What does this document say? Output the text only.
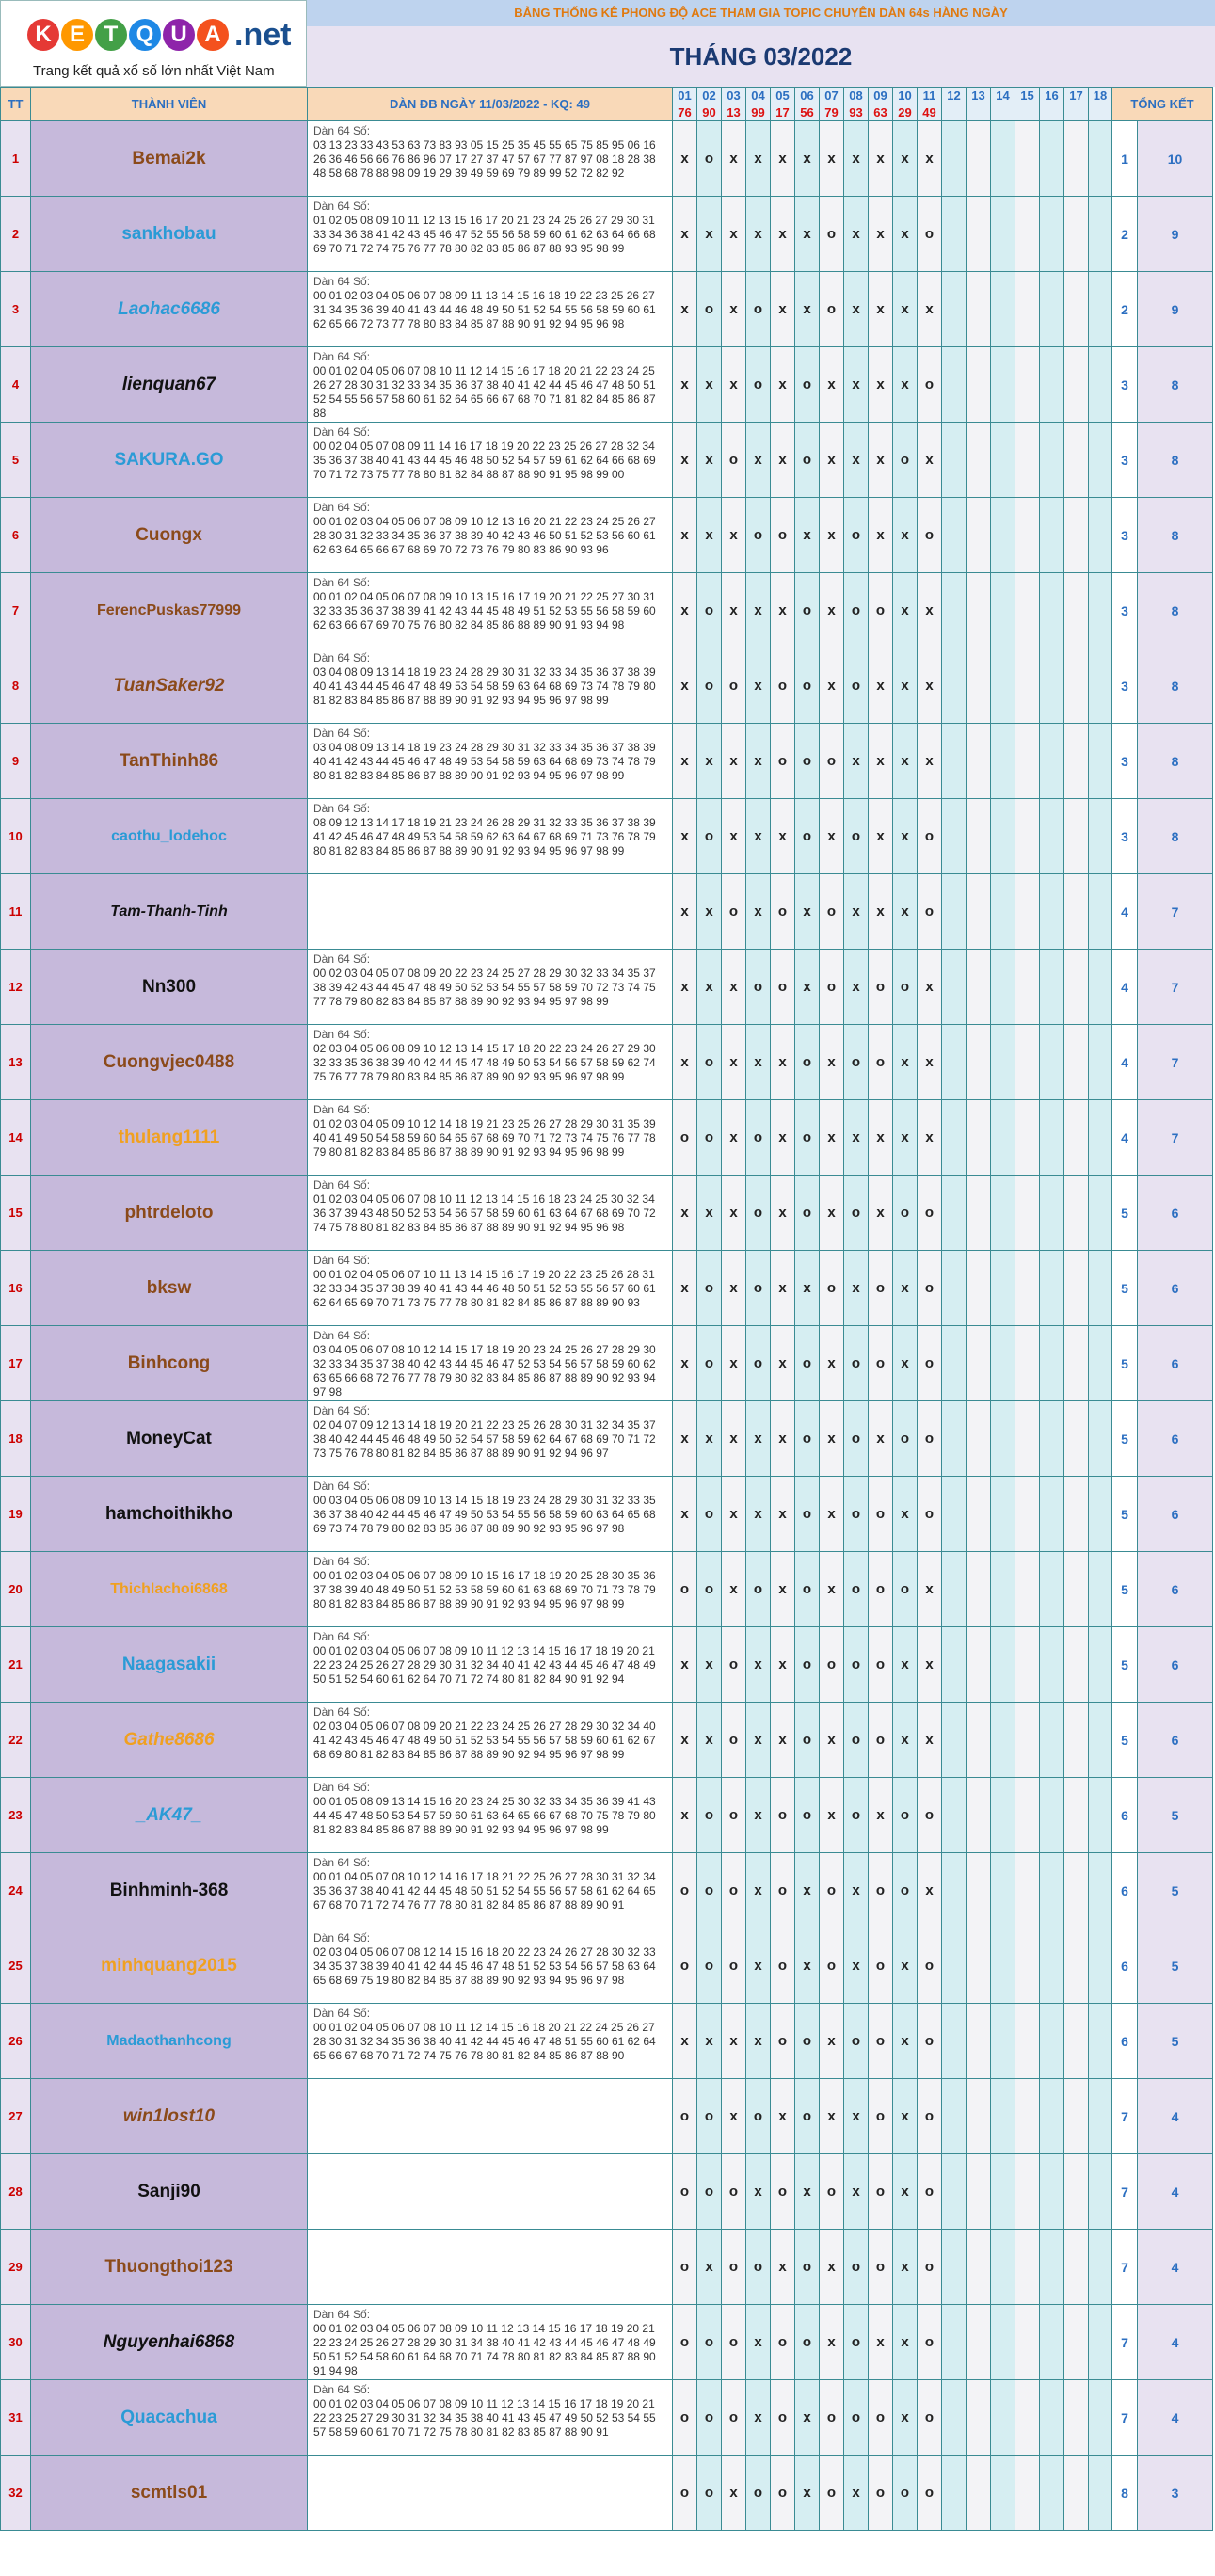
K E T Q U A .net
Trang kết quả xổ số lớn nhất Việt Nam
BẢNG THỐNG KÊ PHONG ĐỘ ACE THAM GIA TOPIC CHUYÊN DÀN 64s HÀNG NGÀY
THÁNG 03/2022
TT	THÀNH VIÊN	DÀN ĐB NGÀY 11/03/2022 - KQ: 49	01	02	03	04	05	06	07	08	09	10	11	12	13	14	15	16	17	18	TỔNG KẾT	
			76	90	13	99	17	56	79	93	63	29	49									
1	Bemai2k	Dàn 64 Số:
03 13 23 33 43 53 63 73 83 93 05 15 25 35 45 55 65 75 85 95 06 16 26 36 46 56 66 76 86 96 07 17 27 37 47 57 67 77 87 97 08 18 28 38 48 58 68 78 88 98 09 19 29 39 49 59 69 79 89 99 52 72 82 92	x	o	x	x	x	x	x	x	x	x	x								1	10
2	sankhobau	Dàn 64 Số:
01 02 05 08 09 10 11 12 13 15 16 17 20 21 23 24 25 26 27 29 30 31 33 34 36 38 41 42 43 45 46 47 52 55 56 58 59 60 61 62 63 64 66 68 69 70 71 72 74 75 76 77 78 80 82 83 85 86 87 88 93 95 98 99	x	x	x	x	x	x	o	x	x	x	o								2	9
3	Laohac6686	Dàn 64 Số:
00 01 02 03 04 05 06 07 08 09 11 13 14 15 16 18 19 22 23 25 26 27 31 34 35 36 39 40 41 43 44 46 48 49 50 51 52 54 55 56 58 59 60 61 62 65 66 72 73 77 78 80 83 84 85 87 88 90 91 92 94 95 96 98	x	o	x	o	x	x	o	x	x	x	x								2	9
4	lienquan67	Dàn 64 Số:
00 01 02 04 05 06 07 08 10 11 12 14 15 16 17 18 20 21 22 23 24 25 26 27 28 30 31 32 33 34 35 36 37 38 40 41 42 44 45 46 47 48 50 51 52 54 55 56 57 58 60 61 62 64 65 66 67 68 70 71 81 82 84 85 86 87 88	x	x	x	o	x	o	x	x	x	x	o								3	8
5	SAKURA.GO	Dàn 64 Số:
00 02 04 05 07 08 09 11 14 16 17 18 19 20 22 23 25 26 27 28 32 34 35 36 37 38 40 41 43 44 45 46 48 50 52 54 57 59 61 62 64 66 68 69 70 71 72 73 75 77 78 80 81 82 84 88 87 88 90 91 95 98 99 00	x	x	o	x	x	o	x	x	x	o	x								3	8
6	Cuongx	Dàn 64 Số:
00 01 02 03 04 05 06 07 08 09 10 12 13 16 20 21 22 23 24 25 26 27 28 30 31 32 33 34 35 36 37 38 39 40 42 43 46 50 51 52 53 56 60 61 62 63 64 65 66 67 68 69 70 72 73 76 79 80 83 86 90 93 96	x	x	x	o	o	x	x	o	x	x	o								3	8
7	FerencPuskas77999	Dàn 64 Số:
00 01 02 04 05 06 07 08 09 10 13 15 16 17 19 20 21 22 25 27 30 31 32 33 35 36 37 38 39 41 42 43 44 45 48 49 51 52 53 55 56 58 59 60 62 63 66 67 69 70 75 76 80 82 84 85 86 88 89 90 91 93 94 98	x	o	x	x	x	o	x	o	o	x	x								3	8
8	TuanSaker92	Dàn 64 Số:
03 04 08 09 13 14 18 19 23 24 28 29 30 31 32 33 34 35 36 37 38 39 40 41 43 44 45 46 47 48 49 53 54 58 59 63 64 68 69 73 74 78 79 80 81 82 83 84 85 86 87 88 89 90 91 92 93 94 95 96 97 98 99	x	o	o	x	o	o	x	o	x	x	x								3	8
9	TanThinh86	Dàn 64 Số:
03 04 08 09 13 14 18 19 23 24 28 29 30 31 32 33 34 35 36 37 38 39 40 41 42 43 44 45 46 47 48 49 53 54 58 59 63 64 68 69 73 74 78 79 80 81 82 83 84 85 86 87 88 89 90 91 92 93 94 95 96 97 98 99	x	x	x	x	o	o	o	x	x	x	x								3	8
10	caothu_lodehoc	Dàn 64 Số:
08 09 12 13 14 17 18 19 21 23 24 26 28 29 31 32 33 35 36 37 38 39 41 42 45 46 47 48 49 53 54 58 59 62 63 64 67 68 69 71 73 76 78 79 80 81 82 83 84 85 86 87 88 89 90 91 92 93 94 95 96 97 98 99	x	o	x	x	x	o	x	o	x	x	o								3	8
11	Tam-Thanh-Tinh		x	x	o	x	o	x	o	x	x	x	o								4	7
12	Nn300	Dàn 64 Số:
00 02 03 04 05 07 08 09 20 22 23 24 25 27 28 29 30 32 33 34 35 37 38 39 42 43 44 45 47 48 49 50 52 53 54 55 57 58 59 70 72 73 74 75 77 78 79 80 82 83 84 85 87 88 89 90 92 93 94 95 97 98 99	x	x	x	o	o	x	o	x	o	o	x								4	7
13	Cuongvjec0488	Dàn 64 Số:
02 03 04 05 06 08 09 10 12 13 14 15 17 18 20 22 23 24 26 27 29 30 32 33 35 36 38 39 40 42 44 45 47 48 49 50 53 54 56 57 58 59 62 74 75 76 77 78 79 80 83 84 85 86 87 89 90 92 93 95 96 97 98 99	x	o	x	x	x	o	x	o	o	x	x								4	7
14	thulang1111	Dàn 64 Số:
01 02 03 04 05 09 10 12 14 18 19 21 23 25 26 27 28 29 30 31 35 39 40 41 49 50 54 58 59 60 64 65 67 68 69 70 71 72 73 74 75 76 77 78 79 80 81 82 83 84 85 86 87 88 89 90 91 92 93 94 95 96 98 99	o	o	x	o	x	o	x	x	x	x	x								4	7
15	phtrdeloto	Dàn 64 Số:
01 02 03 04 05 06 07 08 10 11 12 13 14 15 16 18 23 24 25 30 32 34 36 37 39 43 48 50 52 53 54 56 57 58 59 60 61 63 64 67 68 69 70 72 74 75 78 80 81 82 83 84 85 86 87 88 89 90 91 92 94 95 96 98	x	x	x	o	x	o	x	o	x	o	o								5	6
16	bksw	Dàn 64 Số:
00 01 02 04 05 06 07 10 11 13 14 15 16 17 19 20 22 23 25 26 28 31 32 33 34 35 37 38 39 40 41 43 44 46 48 50 51 52 53 55 56 57 60 61 62 64 65 69 70 71 73 75 77 78 80 81 82 84 85 86 87 88 89 90 93	x	o	x	o	x	x	o	x	o	x	o								5	6
17	Binhcong	Dàn 64 Số:
03 04 05 06 07 08 10 12 14 15 17 18 19 20 23 24 25 26 27 28 29 30 32 33 34 35 37 38 40 42 43 44 45 46 47 52 53 54 56 57 58 59 60 62 63 65 66 68 72 76 77 78 79 80 82 83 84 85 86 87 88 89 90 92 93 94 97 98	x	o	x	o	x	o	x	o	o	x	o								5	6
18	MoneyCat	Dàn 64 Số:
02 04 07 09 12 13 14 18 19 20 21 22 23 25 26 28 30 31 32 34 35 37 38 40 42 44 45 46 48 49 50 52 54 57 58 59 62 64 67 68 69 70 71 72 73 75 76 78 80 81 82 84 85 86 87 88 89 90 91 92 94 96 97	x	x	x	x	x	o	x	o	x	o	o								5	6
19	hamchoithikho	Dàn 64 Số:
00 03 04 05 06 08 09 10 13 14 15 18 19 23 24 28 29 30 31 32 33 35 36 37 38 40 42 44 45 46 47 49 50 53 54 55 56 58 59 60 63 64 65 68 69 73 74 78 79 80 82 83 85 86 87 88 89 90 92 93 95 96 97 98	x	o	x	x	x	o	x	o	o	x	o								5	6
20	Thichlachoi6868	Dàn 64 Số:
00 01 02 03 04 05 06 07 08 09 10 15 16 17 18 19 20 25 28 30 35 36 37 38 39 40 48 49 50 51 52 53 58 59 60 61 63 68 69 70 71 73 78 79 80 81 82 83 84 85 86 87 88 89 90 91 92 93 94 95 96 97 98 99	o	o	x	o	x	o	x	o	o	o	x								5	6
21	Naagasakii	Dàn 64 Số:
00 01 02 03 04 05 06 07 08 09 10 11 12 13 14 15 16 17 18 19 20 21 22 23 24 25 26 27 28 29 30 31 32 34 40 41 42 43 44 45 46 47 48 49 50 51 52 54 60 61 62 64 70 71 72 74 80 81 82 84 90 91 92 94	x	x	o	x	x	o	o	o	o	x	x								5	6
22	Gathe8686	Dàn 64 Số:
02 03 04 05 06 07 08 09 20 21 22 23 24 25 26 27 28 29 30 32 34 40 41 42 43 45 46 47 48 49 50 51 52 53 54 55 56 57 58 59 60 61 62 67 68 69 80 81 82 83 84 85 86 87 88 89 90 92 94 95 96 97 98 99	x	x	o	x	x	o	x	o	o	x	x								5	6
23	_AK47_	Dàn 64 Số:
00 01 05 08 09 13 14 15 16 20 23 24 25 30 32 33 34 35 36 39 41 43 44 45 47 48 50 53 54 57 59 60 61 63 64 65 66 67 68 70 75 78 79 80 81 82 83 84 85 86 87 88 89 90 91 92 93 94 95 96 97 98 99	x	o	o	x	o	o	x	o	x	o	o								6	5
24	Binhminh-368	Dàn 64 Số:
00 01 04 05 07 08 10 12 14 16 17 18 21 22 25 26 27 28 30 31 32 34 35 36 37 38 40 41 42 44 45 48 50 51 52 54 55 56 57 58 61 62 64 65 67 68 70 71 72 74 76 77 78 80 81 82 84 85 86 87 88 89 90 91	o	o	o	x	o	x	o	x	o	o	x								6	5
25	minhquang2015	Dàn 64 Số:
02 03 04 05 06 07 08 12 14 15 16 18 20 22 23 24 26 27 28 30 32 33 34 35 37 38 39 40 41 42 44 45 46 47 48 51 52 53 54 56 57 58 63 64 65 68 69 75 19 80 82 84 85 87 88 89 90 92 93 94 95 96 97 98	o	o	o	x	o	x	o	x	o	x	o								6	5
26	Madaothanhcong	Dàn 64 Số:
00 01 02 04 05 06 07 08 10 11 12 14 15 16 18 20 21 22 24 25 26 27 28 30 31 32 34 35 36 38 40 41 42 44 45 46 47 48 51 55 60 61 62 64 65 66 67 68 70 71 72 74 75 76 78 80 81 82 84 85 86 87 88 90	x	x	x	x	o	o	x	o	o	x	o								6	5
27	win1lost10		o	o	x	o	x	o	x	x	o	x	o								7	4
28	Sanji90		o	o	o	x	o	x	o	x	o	x	o								7	4
29	Thuongthoi123		o	x	o	o	x	o	x	o	o	x	o								7	4
30	Nguyenhai6868	Dàn 64 Số:
00 01 02 03 04 05 06 07 08 09 10 11 12 13 14 15 16 17 18 19 20 21 22 23 24 25 26 27 28 29 30 31 34 38 40 41 42 43 44 45 46 47 48 49 50 51 52 54 58 60 61 64 68 70 71 74 78 80 81 82 83 84 85 87 88 90 91 94 98	o	o	o	x	o	o	x	o	x	x	o								7	4
31	Quacachua	Dàn 64 Số:
00 01 02 03 04 05 06 07 08 09 10 11 12 13 14 15 16 17 18 19 20 21 22 23 25 27 29 30 31 32 34 35 38 40 41 43 45 47 49 50 52 53 54 55 57 58 59 60 61 70 71 72 75 78 80 81 82 83 85 87 88 90 91	o	o	o	x	o	x	o	o	o	x	o								7	4
32	scmtls01		o	o	x	o	o	x	o	x	o	o	o								8	3
